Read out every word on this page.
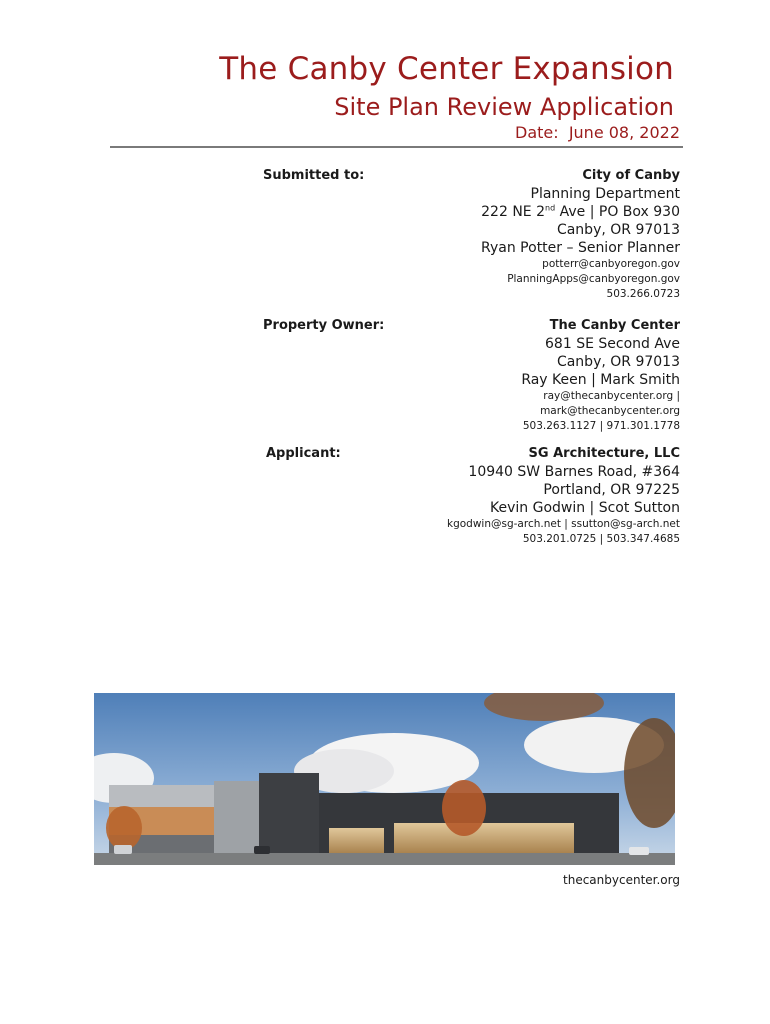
The Canby Center Expansion
Site Plan Review Application
Date: June 08, 2022
Submitted to:	City of Canby
Planning Department
222 NE 2nd Ave | PO Box 930
Canby, OR 97013
Ryan Potter – Senior Planner
potterr@canbyoregon.gov
PlanningApps@canbyoregon.gov
503.266.0723
Property Owner:	The Canby Center
681 SE Second Ave
Canby, OR 97013
Ray Keen | Mark Smith
ray@thecanbycenter.org |
mark@thecanbycenter.org
503.263.1127 | 971.301.1778
Applicant:	SG Architecture, LLC
10940 SW Barnes Road, #364
Portland, OR 97225
Kevin Godwin | Scot Sutton
kgodwin@sg-arch.net | ssutton@sg-arch.net
503.201.0725 | 503.347.4685
thecanbycenter.org
